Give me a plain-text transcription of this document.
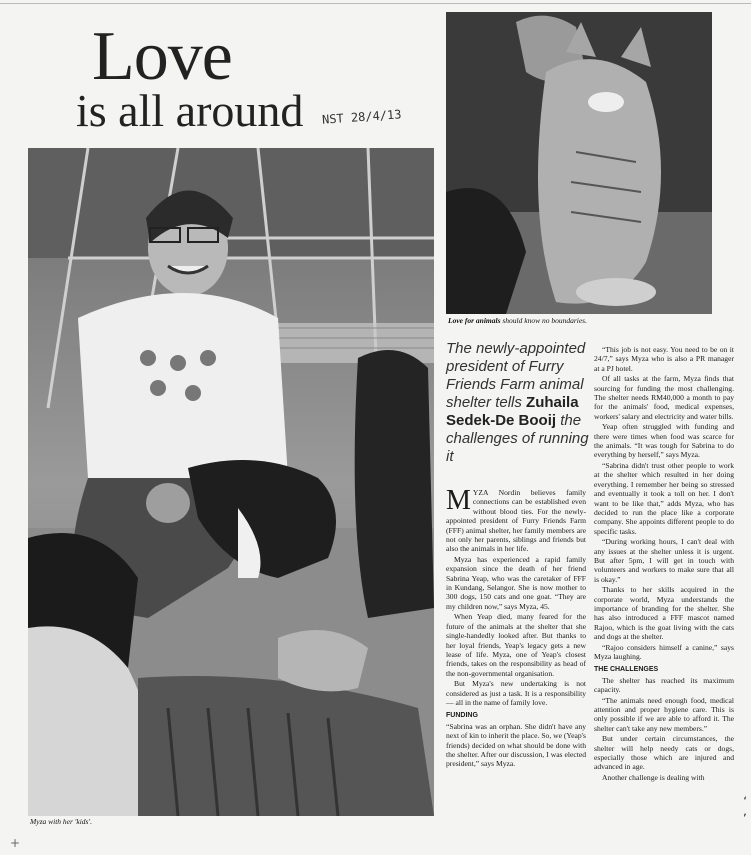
Love
is all around NST 28/4/13
Myza with her 'kids'.
Love for animals should know no boundaries.
The newly-appointed president of Furry Friends Farm animal shelter tells Zuhaila Sedek-De Booij the challenges of running it

MYZA Nordin believes family connections can be established even without blood ties. For the newly-appointed president of Furry Friends Farm (FFF) animal shelter, her family members are not only her parents, siblings and friends but also the animals in her life.

Myza has experienced a rapid family expansion since the death of her friend Sabrina Yeap, who was the caretaker of FFF in Kundang, Selangor. She is now mother to 300 dogs, 150 cats and one goat. “They are my children now,” says Myza, 45.

When Yeap died, many feared for the future of the animals at the shelter that she single-handedly looked after. But thanks to her loyal friends, Yeap's legacy gets a new lease of life. Myza, one of Yeap's closest friends, takes on the responsibility as head of the non-governmental organisation.

But Myza's new undertaking is not considered as just a task. It is a responsibility — all in the name of family love.

FUNDING

“Sabrina was an orphan. She didn't have any next of kin to inherit the place. So, we (Yeap's friends) decided on what should be done with the shelter. After our discussion, I was elected president,” says Myza.

“This job is not easy. You need to be on it 24/7,” says Myza who is also a PR manager at a PJ hotel.

Of all tasks at the farm, Myza finds that sourcing for funding the most challenging. The shelter needs RM40,000 a month to pay for the animals' food, medical expenses, workers' salary and electricity and water bills.

Yeap often struggled with funding and there were times when food was scarce for the animals. “It was tough for Sabrina to do everything by herself,” says Myza.

“Sabrina didn't trust other people to work at the shelter which resulted in her doing everything. I remember her being so stressed and eventually it took a toll on her. I don't want to be like that,” adds Myza, who has decided to run the place like a corporate company. She appoints different people to do specific tasks.

“During working hours, I can't deal with any issues at the shelter unless it is urgent. But after 5pm, I will get in touch with volunteers and workers to make sure that all is okay.”

Thanks to her skills acquired in the corporate world, Myza understands the importance of branding for the shelter. She has also introduced a FFF mascot named Rajoo, which is the goat living with the cats and dogs at the shelter.

“Rajoo considers himself a canine,” says Myza laughing.

THE CHALLENGES

The shelter has reached its maximum capacity.

“The animals need enough food, medical attention and proper hygiene care. This is only possible if we are able to afford it. The shelter can't take any new members.”

But under certain circumstances, the shelter will help needy cats or dogs, especially those which are injured and advanced in age.

Another challenge is dealing with

+
‘ ‚
